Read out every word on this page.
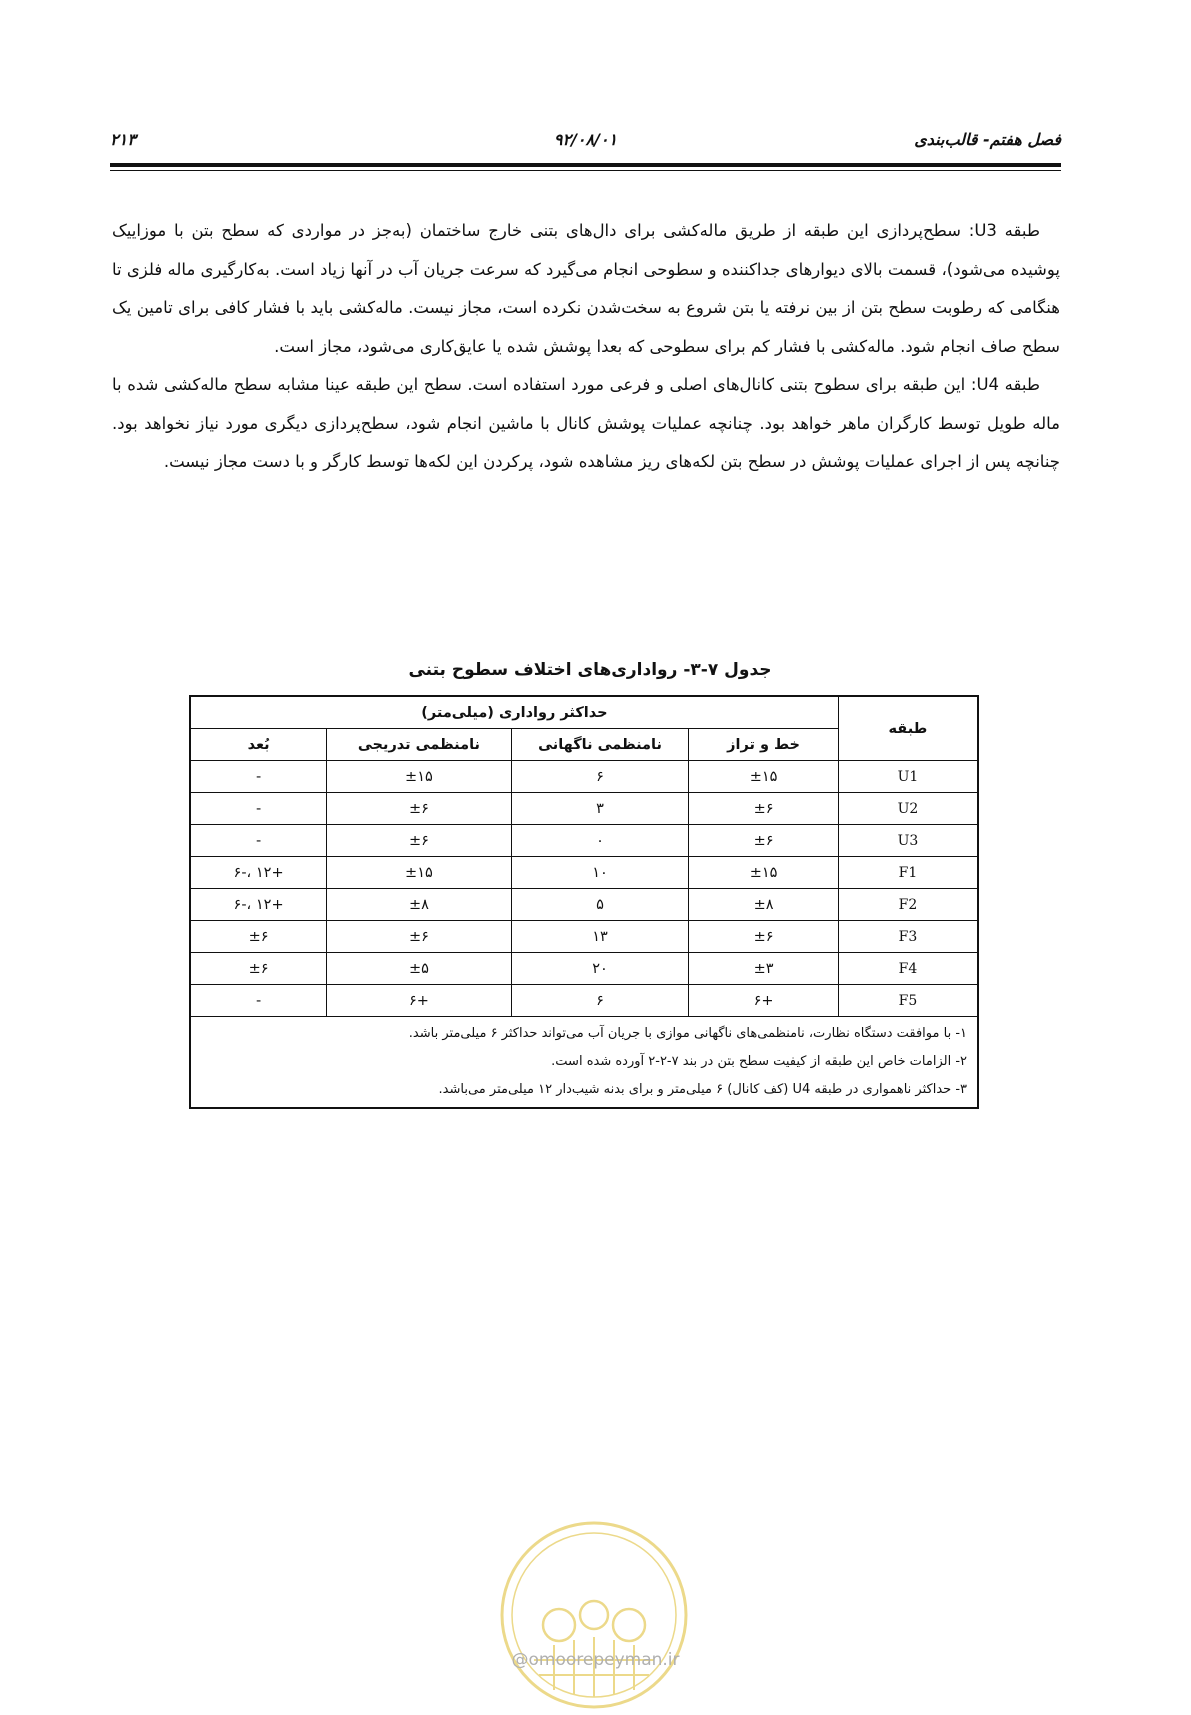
فصل هفتم- قالب‌بندی
۹۲/۰۸/۰۱
۲۱۳

طبقه U3: سطح‌پردازی این طبقه از طریق ماله‌کشی برای دال‌های بتنی خارج ساختمان (به‌جز در مواردی که سطح بتن با موزاییک پوشیده می‌شود)، قسمت بالای دیوارهای جداکننده و سطوحی انجام می‌گیرد که سرعت جریان آب در آنها زیاد است. به‌کارگیری ماله فلزی تا هنگامی که رطوبت سطح بتن از بین نرفته یا بتن شروع به سخت‌شدن نکرده است، مجاز نیست. ماله‌کشی باید با فشار کافی برای تامین یک سطح صاف انجام شود. ماله‌کشی با فشار کم برای سطوحی که بعدا پوشش شده یا عایق‌کاری می‌شود، مجاز است.

طبقه U4: این طبقه برای سطوح بتنی کانال‌های اصلی و فرعی مورد استفاده است. سطح این طبقه عینا مشابه سطح ماله‌کشی شده با ماله طویل توسط کارگران ماهر خواهد بود. چنانچه عملیات پوشش کانال با ماشین انجام شود، سطح‌پردازی دیگری مورد نیاز نخواهد بود. چنانچه پس از اجرای عملیات پوشش در سطح بتن لکه‌های ریز مشاهده شود، پرکردن این لکه‌ها توسط کارگر و با دست مجاز نیست.

جدول ۷-۳- رواداری‌های اختلاف سطوح بتنی
طبقه	حداکثر رواداری (میلی‌متر)			
	خط و تراز	نامنظمی ناگهانی	نامنظمی تدریجی	بُعد
U1	±۱۵	۶	±۱۵	-
U2	±۶	۳	±۶	-
U3	±۶	۰	±۶	-
F1	±۱۵	۱۰	±۱۵	+۱۲ ،-۶
F2	±۸	۵	±۸	+۱۲ ،-۶
F3	±۶	۱۳	±۶	±۶
F4	±۳	۲۰	±۵	±۶
F5	+۶	۶	+۶	-

۱- با موافقت دستگاه نظارت، نامنظمی‌های ناگهانی موازی با جریان آب می‌تواند حداکثر ۶ میلی‌متر باشد.
۲- الزامات خاص این طبقه از کیفیت سطح بتن در بند ۷-۲-۲ آورده شده است.
۳- حداکثر ناهمواری در طبقه U4 (کف کانال) ۶ میلی‌متر و برای بدنه شیب‌دار ۱۲ میلی‌متر می‌باشد.				
@omoorepeyman.ir
